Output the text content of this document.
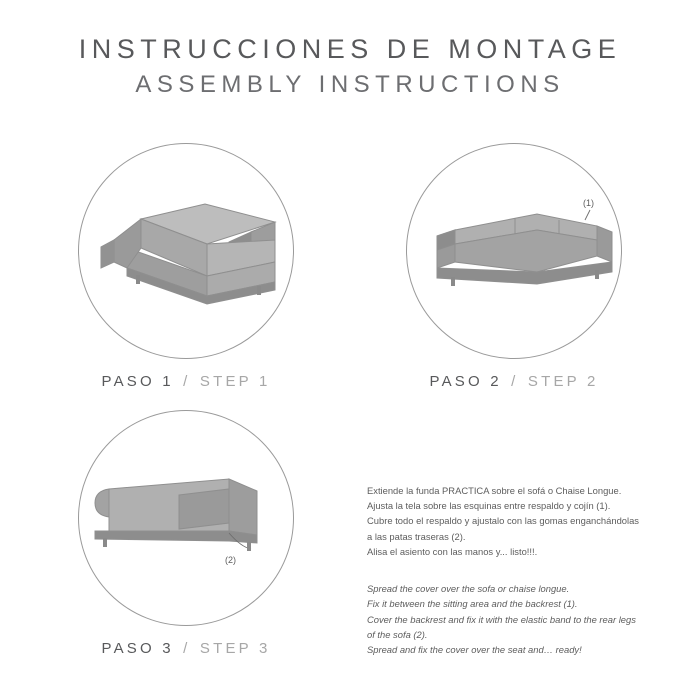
INSTRUCCIONES DE MONTAGE
ASSEMBLY INSTRUCTIONS
PASO 1 / STEP 1
(1)
PASO 2 / STEP 2
(2)
PASO 3 / STEP 3

Extiende la funda PRACTICA sobre el sofá o Chaise Longue.

Ajusta la tela sobre las esquinas entre respaldo y cojín (1).

Cubre todo el respaldo y ajustalo con las gomas enganchándolas a las patas traseras (2).

Alisa el asiento con las manos y... listo!!!.

Spread the cover over the sofa or chaise longue.

Fix it between the sitting area and the backrest (1).

Cover the backrest and fix it with the elastic band to the rear legs of the sofa (2).

Spread and fix the cover over the seat and… ready!
